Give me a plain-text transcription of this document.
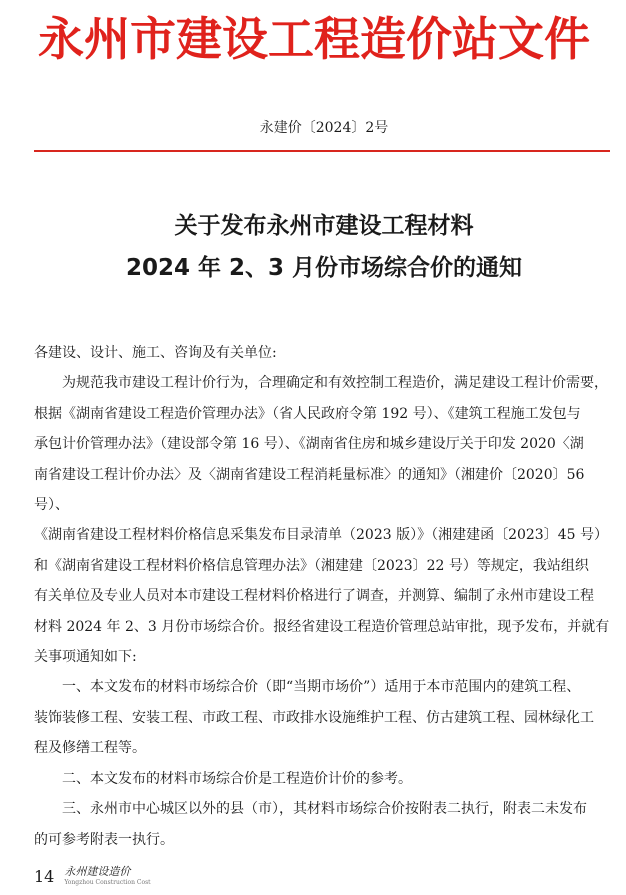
永州市建设工程造价站文件
永建价〔2024〕2号
关于发布永州市建设工程材料
2024 年 2、3 月份市场综合价的通知
各建设、设计、施工、咨询及有关单位:
为规范我市建设工程计价行为，合理确定和有效控制工程造价，满足建设工程计价需要，
根据《湖南省建设工程造价管理办法》（省人民政府令第 192 号）、《建筑工程施工发包与
承包计价管理办法》（建设部令第 16 号）、《湖南省住房和城乡建设厅关于印发 2020〈湖
南省建设工程计价办法〉及〈湖南省建设工程消耗量标准〉的通知》（湘建价〔2020〕56 号）、
《湖南省建设工程材料价格信息采集发布目录清单（2023 版）》（湘建建函〔2023〕45 号）
和《湖南省建设工程材料价格信息管理办法》（湘建建〔2023〕22 号）等规定，我站组织
有关单位及专业人员对本市建设工程材料价格进行了调查，并测算、编制了永州市建设工程
材料 2024 年 2、3 月份市场综合价。报经省建设工程造价管理总站审批，现予发布，并就有
关事项通知如下:
一、本文发布的材料市场综合价（即“当期市场价”）适用于本市范围内的建筑工程、
装饰装修工程、安装工程、市政工程、市政排水设施维护工程、仿古建筑工程、园林绿化工
程及修缮工程等。
二、本文发布的材料市场综合价是工程造价计价的参考。
三、永州市中心城区以外的县（市），其材料市场综合价按附表二执行，附表二未发布
的可参考附表一执行。
14 永州建设造价
Yongzhou Construction Cost
